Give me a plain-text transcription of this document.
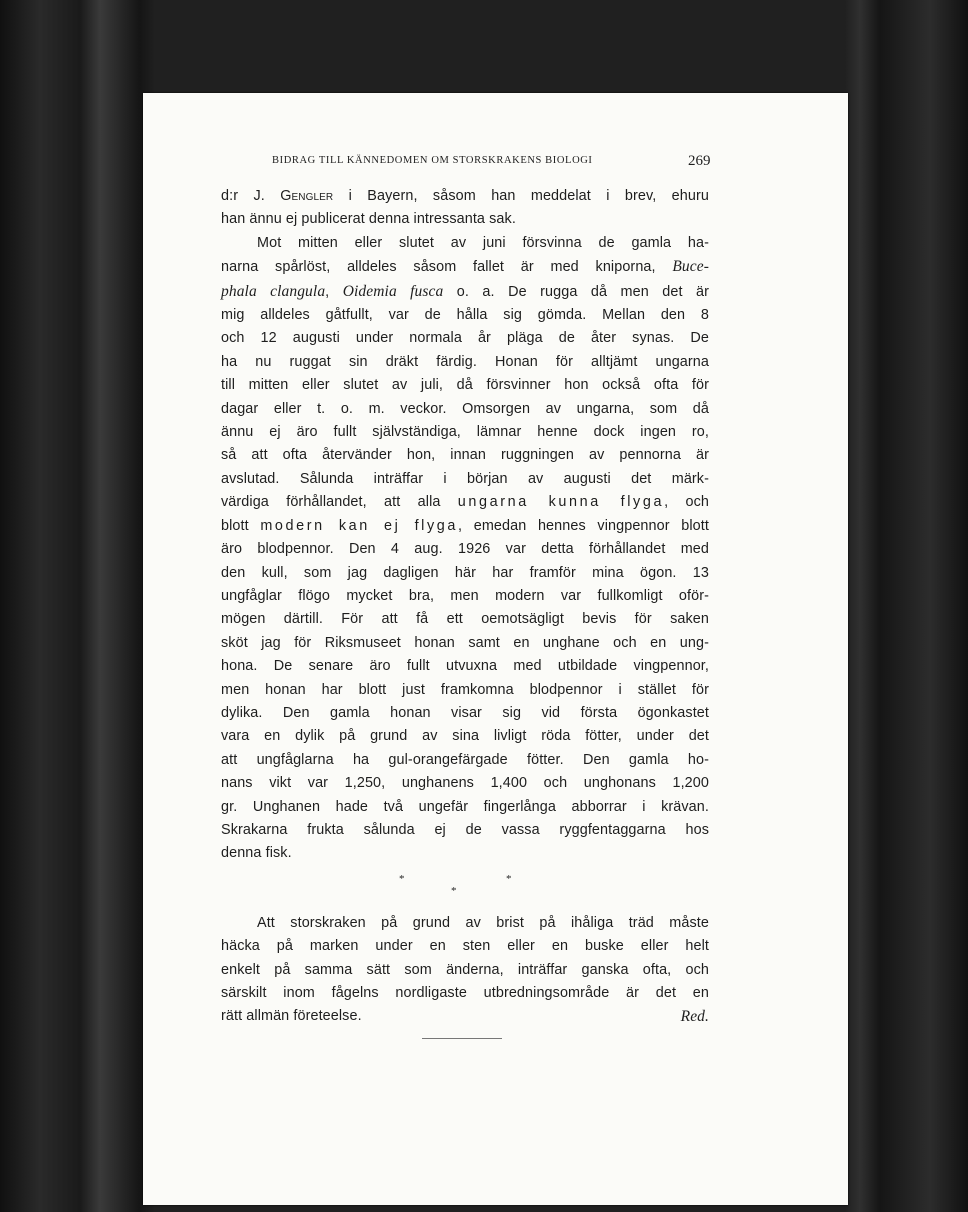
BIDRAG TILL KÄNNEDOMEN OM STORSKRAKENS BIOLOGI	269
d:r J. Gengler i Bayern, såsom han meddelat i brev, ehuru
han ännu ej publicerat denna intressanta sak.
Mot mitten eller slutet av juni försvinna de gamla ha-
narna spårlöst, alldeles såsom fallet är med kniporna, Buce-
phala clangula, Oidemia fusca o. a. De rugga då men det är
mig alldeles gåtfullt, var de hålla sig gömda. Mellan den 8
och 12 augusti under normala år pläga de åter synas. De
ha nu ruggat sin dräkt färdig. Honan för alltjämt ungarna
till mitten eller slutet av juli, då försvinner hon också ofta för
dagar eller t. o. m. veckor. Omsorgen av ungarna, som då
ännu ej äro fullt självständiga, lämnar henne dock ingen ro,
så att ofta återvänder hon, innan ruggningen av pennorna är
avslutad. Sålunda inträffar i början av augusti det märk-
värdiga förhållandet, att alla ungarna kunna flyga, och
blott modern kan ej flyga, emedan hennes vingpennor blott
äro blodpennor. Den 4 aug. 1926 var detta förhållandet med
den kull, som jag dagligen här har framför mina ögon. 13
ungfåglar flögo mycket bra, men modern var fullkomligt oför-
mögen därtill. För att få ett oemotsägligt bevis för saken
sköt jag för Riksmuseet honan samt en unghane och en ung-
hona. De senare äro fullt utvuxna med utbildade vingpennor,
men honan har blott just framkomna blodpennor i stället för
dylika. Den gamla honan visar sig vid första ögonkastet
vara en dylik på grund av sina livligt röda fötter, under det
att ungfåglarna ha gul-orangefärgade fötter. Den gamla ho-
nans vikt var 1,250, unghanens 1,400 och unghonans 1,200
gr. Unghanen hade två ungefär fingerlånga abborrar i krävan.
Skrakarna frukta sålunda ej de vassa ryggfentaggarna hos
denna fisk.
Att storskraken på grund av brist på ihåliga träd måste
häcka på marken under en sten eller en buske eller helt
enkelt på samma sätt som änderna, inträffar ganska ofta, och
särskilt inom fågelns nordligaste utbredningsområde är det en
rätt allmän företeelse.	Red.
*
*
*
